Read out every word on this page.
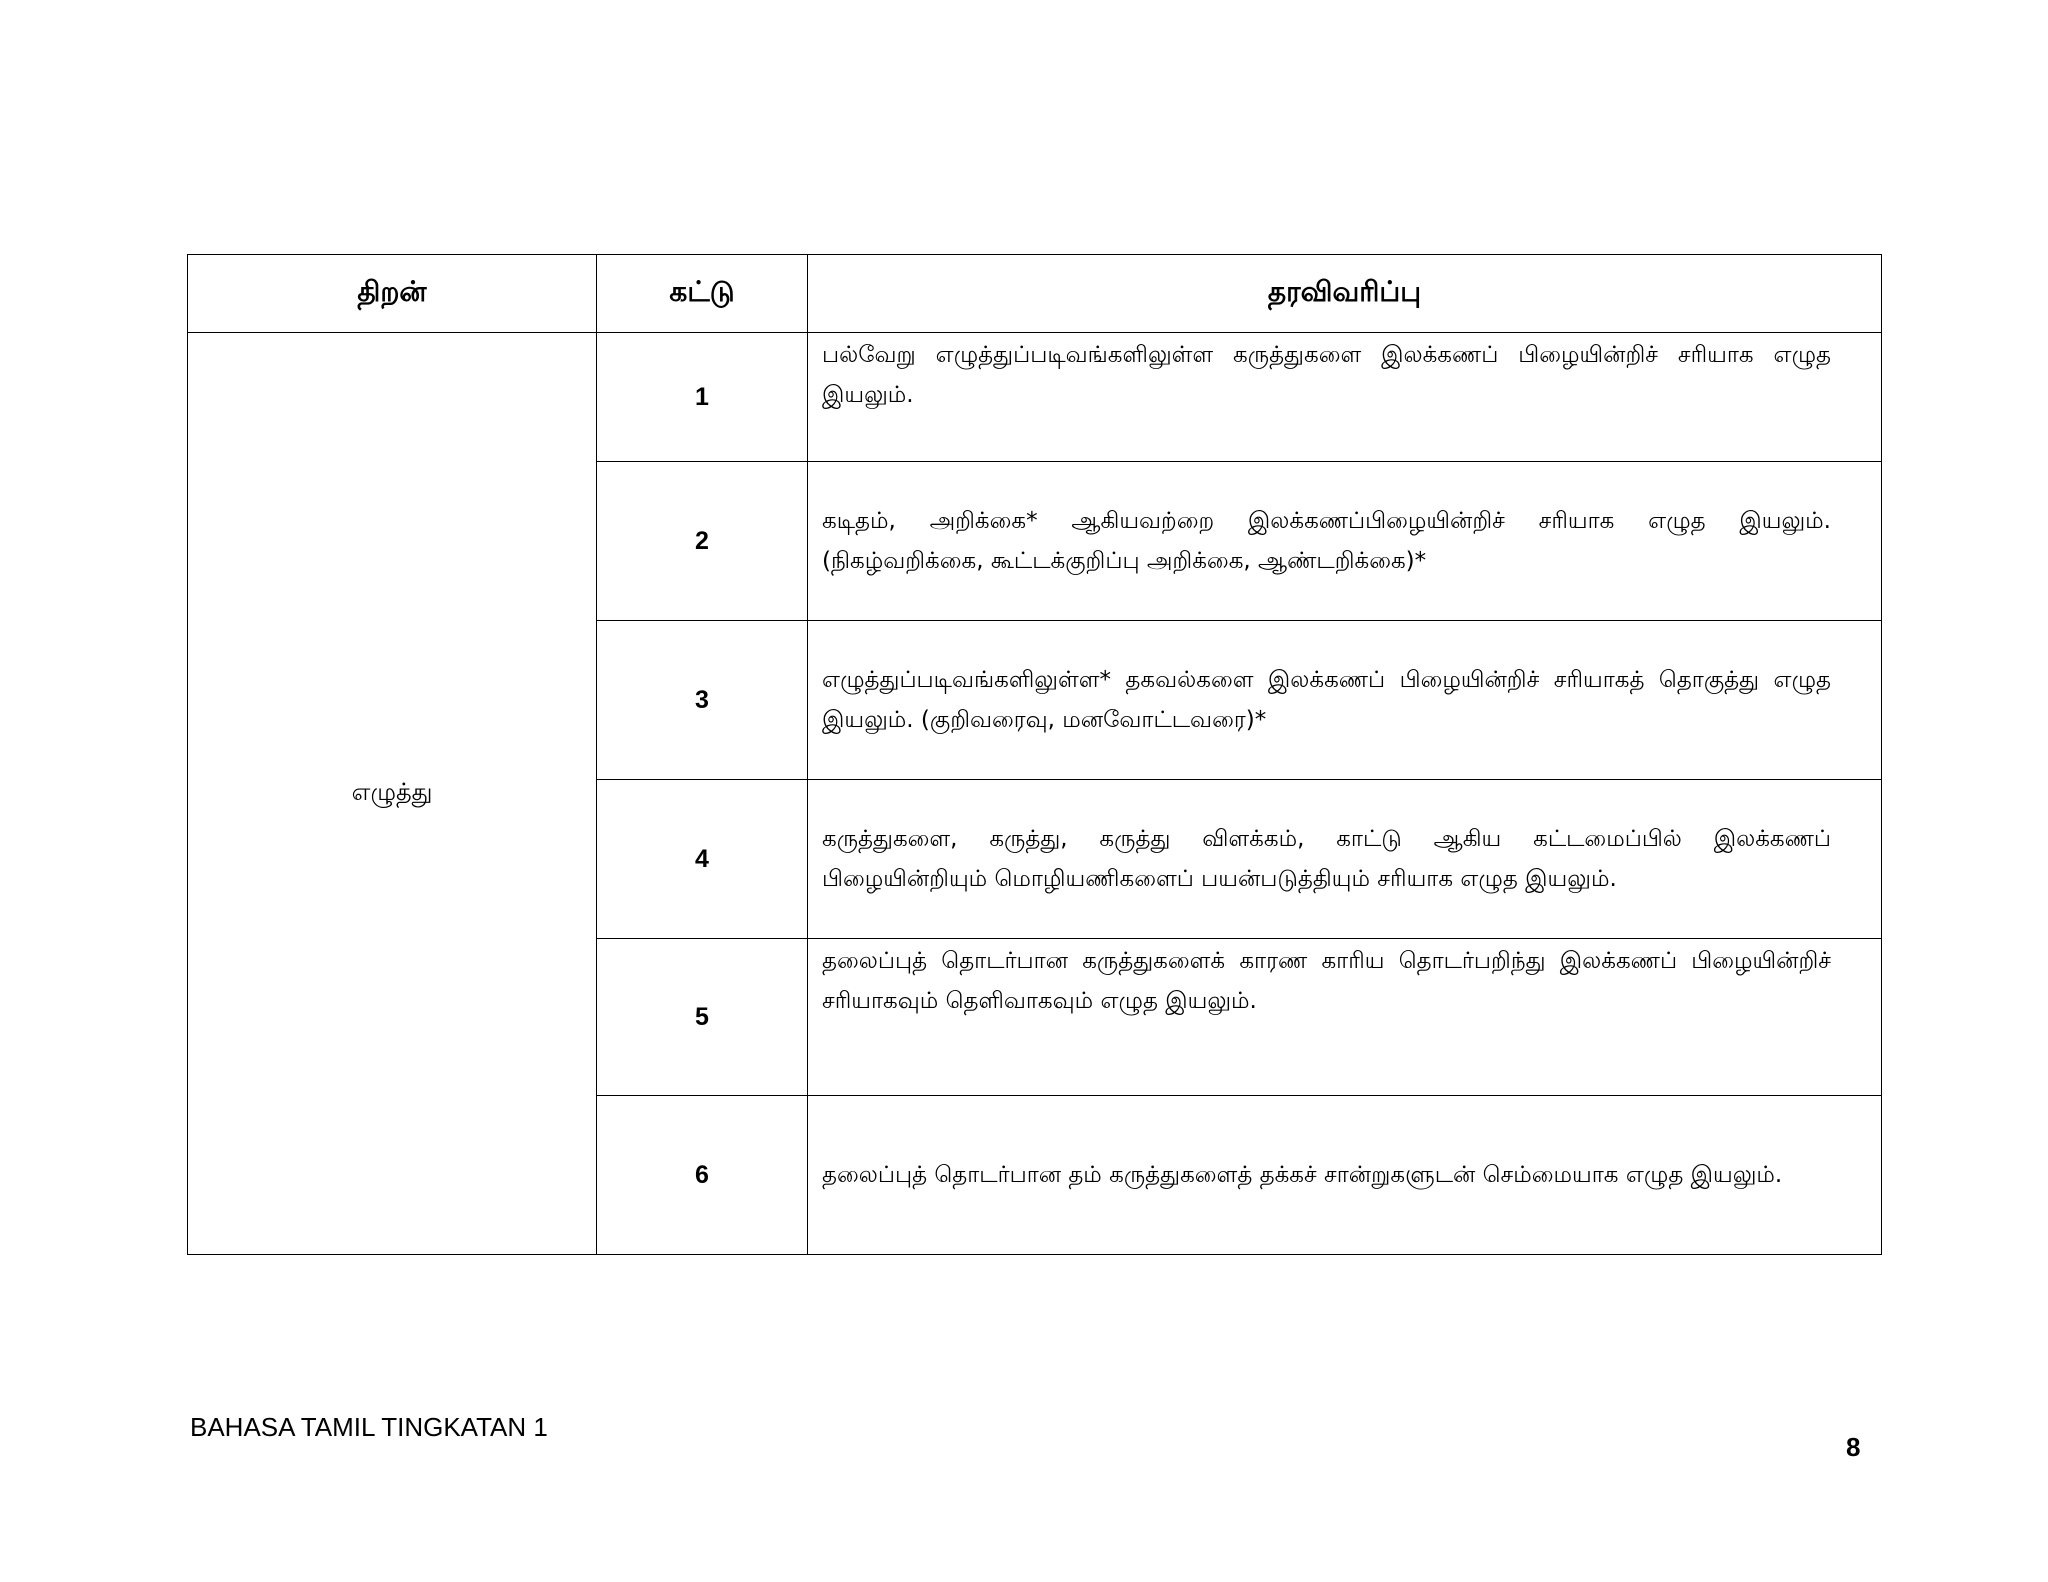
திறன்	கட்டு	தரவிவரிப்பு
எழுத்து	1	பல்வேறு எழுத்துப்படிவங்களிலுள்ள கருத்துகளை இலக்கணப் பிழையின்றிச் சரியாக எழுத இயலும்.
	2	கடிதம், அறிக்கை* ஆகியவற்றை இலக்கணப்பிழையின்றிச் சரியாக எழுத இயலும். (நிகழ்வறிக்கை, கூட்டக்குறிப்பு அறிக்கை, ஆண்டறிக்கை)*
	3	எழுத்துப்படிவங்களிலுள்ள* தகவல்களை இலக்கணப் பிழையின்றிச் சரியாகத் தொகுத்து எழுத இயலும். (குறிவரைவு, மனவோட்டவரை)*
	4	கருத்துகளை, கருத்து, கருத்து விளக்கம், காட்டு ஆகிய கட்டமைப்பில் இலக்கணப் பிழையின்றியும் மொழியணிகளைப் பயன்படுத்தியும் சரியாக எழுத இயலும்.
	5	தலைப்புத் தொடர்பான கருத்துகளைக் காரண காரிய தொடர்பறிந்து இலக்கணப் பிழையின்றிச் சரியாகவும் தெளிவாகவும் எழுத இயலும்.
	6	தலைப்புத் தொடர்பான தம் கருத்துகளைத் தக்கச் சான்றுகளுடன் செம்மையாக எழுத இயலும்.
BAHASA TAMIL TINGKATAN 1
8
